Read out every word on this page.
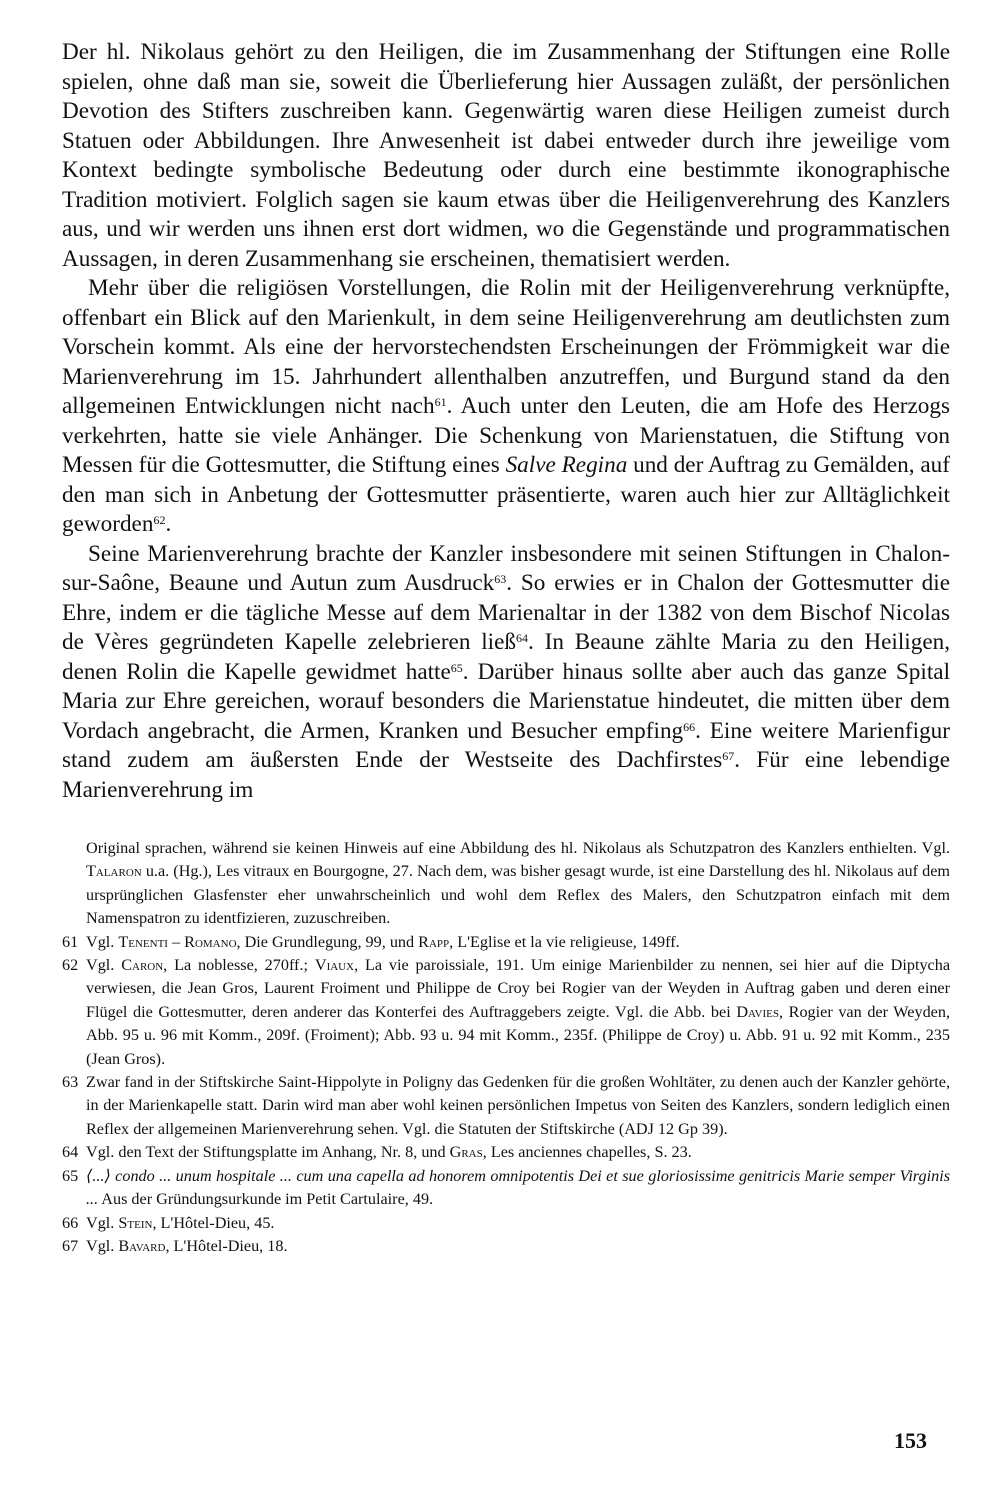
Der hl. Nikolaus gehört zu den Heiligen, die im Zusammenhang der Stiftungen eine Rolle spielen, ohne daß man sie, soweit die Überlieferung hier Aussagen zuläßt, der persönlichen Devotion des Stifters zuschreiben kann. Gegenwärtig waren diese Heiligen zumeist durch Statuen oder Abbildungen. Ihre Anwesenheit ist dabei entweder durch ihre jeweilige vom Kontext bedingte symbolische Bedeutung oder durch eine bestimmte ikonographische Tradition motiviert. Folglich sagen sie kaum etwas über die Heiligenverehrung des Kanzlers aus, und wir werden uns ihnen erst dort widmen, wo die Gegenstände und programmatischen Aussagen, in deren Zusammenhang sie erscheinen, thematisiert werden.

Mehr über die religiösen Vorstellungen, die Rolin mit der Heiligenverehrung verknüpfte, offenbart ein Blick auf den Marienkult, in dem seine Heiligenverehrung am deutlichsten zum Vorschein kommt. Als eine der hervorstechendsten Erscheinungen der Frömmigkeit war die Marienverehrung im 15. Jahrhundert allenthalben anzutreffen, und Burgund stand da den allgemeinen Entwicklungen nicht nach$^{61}$. Auch unter den Leuten, die am Hofe des Herzogs verkehrten, hatte sie viele Anhänger. Die Schenkung von Marienstatuen, die Stiftung von Messen für die Gottesmutter, die Stiftung eines Salve Regina und der Auftrag zu Gemälden, auf den man sich in Anbetung der Gottesmutter präsentierte, waren auch hier zur Alltäglichkeit geworden$^{62}$.

Seine Marienverehrung brachte der Kanzler insbesondere mit seinen Stiftungen in Chalon-sur-Saône, Beaune und Autun zum Ausdruck$^{63}$. So erwies er in Chalon der Gottesmutter die Ehre, indem er die tägliche Messe auf dem Marienaltar in der 1382 von dem Bischof Nicolas de Vères gegründeten Kapelle zelebrieren ließ$^{64}$. In Beaune zählte Maria zu den Heiligen, denen Rolin die Kapelle gewidmet hatte$^{65}$. Darüber hinaus sollte aber auch das ganze Spital Maria zur Ehre gereichen, worauf besonders die Marienstatue hindeutet, die mitten über dem Vordach angebracht, die Armen, Kranken und Besucher empfing$^{66}$. Eine weitere Marienfigur stand zudem am äußersten Ende der Westseite des Dachfirstes$^{67}$. Für eine lebendige Marienverehrung im

Original sprachen, während sie keinen Hinweis auf eine Abbildung des hl. Nikolaus als Schutzpatron des Kanzlers enthielten. Vgl. Talaron u.a. (Hg.), Les vitraux en Bourgogne, 27. Nach dem, was bisher gesagt wurde, ist eine Darstellung des hl. Nikolaus auf dem ursprünglichen Glasfenster eher unwahrscheinlich und wohl dem Reflex des Malers, den Schutzpatron einfach mit dem Namenspatron zu identfizieren, zuzuschreiben.

61 Vgl. Tenenti – Romano, Die Grundlegung, 99, und Rapp, L'Eglise et la vie religieuse, 149ff.
62 Vgl. Caron, La noblesse, 270ff.; Viaux, La vie paroissiale, 191. Um einige Marienbilder zu nennen, sei hier auf die Diptycha verwiesen, die Jean Gros, Laurent Froiment und Philippe de Croy bei Rogier van der Weyden in Auftrag gaben und deren einer Flügel die Gottesmutter, deren anderer das Konterfei des Auftraggebers zeigte. Vgl. die Abb. bei Davies, Rogier van der Weyden, Abb. 95 u. 96 mit Komm., 209f. (Froiment); Abb. 93 u. 94 mit Komm., 235f. (Philippe de Croy) u. Abb. 91 u. 92 mit Komm., 235 (Jean Gros).
63 Zwar fand in der Stiftskirche Saint-Hippolyte in Poligny das Gedenken für die großen Wohltäter, zu denen auch der Kanzler gehörte, in der Marienkapelle statt. Darin wird man aber wohl keinen persönlichen Impetus von Seiten des Kanzlers, sondern lediglich einen Reflex der allgemeinen Marienverehrung sehen. Vgl. die Statuten der Stiftskirche (ADJ 12 Gp 39).
64 Vgl. den Text der Stiftungsplatte im Anhang, Nr. 8, und Gras, Les anciennes chapelles, S. 23.
65 ⟨...⟩ condo ... unum hospitale ... cum una capella ad honorem omnipotentis Dei et sue gloriosissime genitricis Marie semper Virginis ... Aus der Gründungsurkunde im Petit Cartulaire, 49.
66 Vgl. Stein, L'Hôtel-Dieu, 45.
67 Vgl. Bavard, L'Hôtel-Dieu, 18.
153
